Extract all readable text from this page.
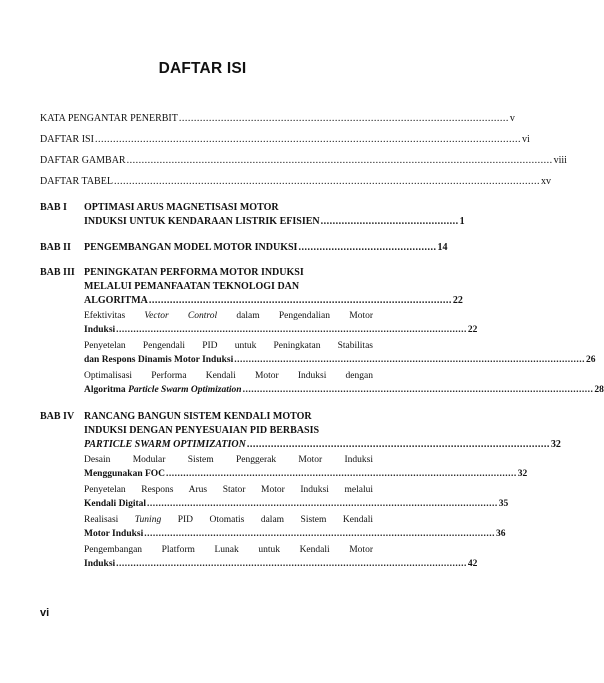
DAFTAR ISI
KATA PENGANTAR PENERBIT .............................................................................................................. v
DAFTAR ISI .............................................................................................................................................. vi
DAFTAR GAMBAR .............................................................................................................................................. viii
DAFTAR TABEL .............................................................................................................................................. xv
BAB I	OPTIMASI ARUS MAGNETISASI MOTOR
INDUKSI UNTUK KENDARAAN LISTRIK EFISIEN .............................................. 1
BAB II	PENGEMBANGAN MODEL MOTOR INDUKSI .............................................. 14
BAB III PENINGKATAN PERFORMA MOTOR INDUKSI
MELALUI PEMANFAATAN TEKNOLOGI DAN
ALGORITMA ..................................................................................................... 22
Efektivitas Vector Control dalam Pengendalian Motor
Induksi .......................................................................................................................... 22
Penyetelan Pengendali PID untuk Peningkatan Stabilitas
dan Respons Dinamis Motor Induksi .......................................................................................................................... 26
Optimalisasi Performa Kendali Motor Induksi dengan
Algoritma Particle Swarm Optimization .......................................................................................................................... 28
BAB IV RANCANG BANGUN SISTEM KENDALI MOTOR
INDUKSI DENGAN PENYESUAIAN PID BERBASIS
PARTICLE SWARM OPTIMIZATION ..................................................................................................... 32
Desain Modular Sistem Penggerak Motor Induksi
Menggunakan FOC .......................................................................................................................... 32
Penyetelan Respons Arus Stator Motor Induksi melalui
Kendali Digital .......................................................................................................................... 35
Realisasi Tuning PID Otomatis dalam Sistem Kendali
Motor Induksi .......................................................................................................................... 36
Pengembangan Platform Lunak untuk Kendali Motor
Induksi .......................................................................................................................... 42
vi
